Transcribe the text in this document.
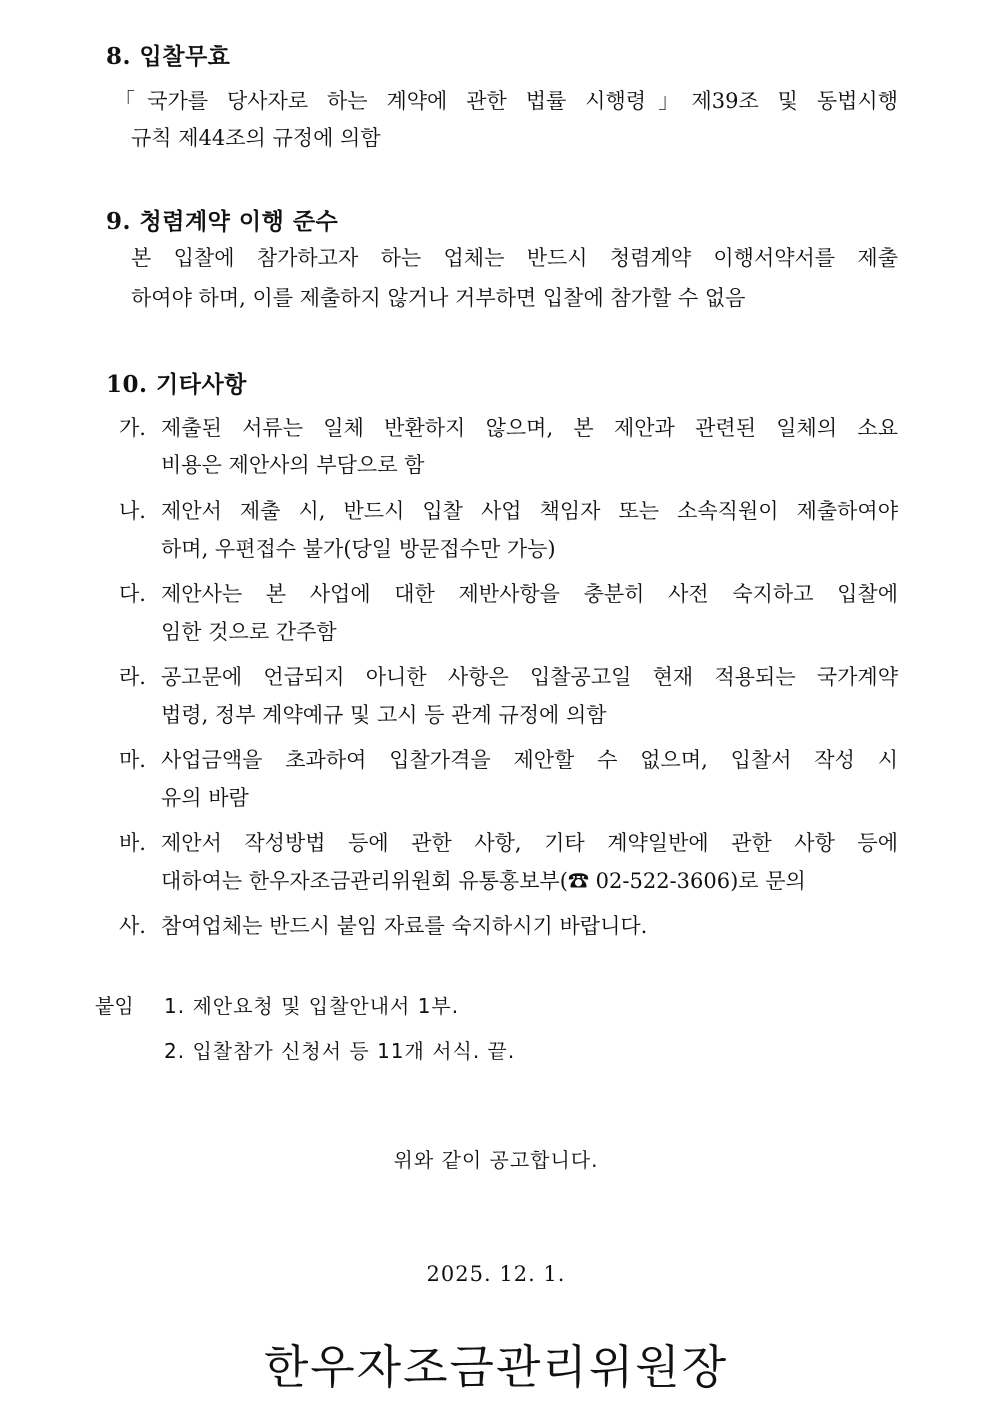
8. 입찰무효
「국가를 당사자로 하는 계약에 관한 법률 시행령」제39조 및 동법시행
규칙 제44조의 규정에 의함
9. 청렴계약 이행 준수
본 입찰에 참가하고자 하는 업체는 반드시 청렴계약 이행서약서를 제출
하여야 하며, 이를 제출하지 않거나 거부하면 입찰에 참가할 수 없음
10. 기타사항
가. 제출된 서류는 일체 반환하지 않으며, 본 제안과 관련된 일체의 소요
비용은 제안사의 부담으로 함
나. 제안서 제출 시, 반드시 입찰 사업 책임자 또는 소속직원이 제출하여야
하며, 우편접수 불가(당일 방문접수만 가능)
다. 제안사는 본 사업에 대한 제반사항을 충분히 사전 숙지하고 입찰에
임한 것으로 간주함
라. 공고문에 언급되지 아니한 사항은 입찰공고일 현재 적용되는 국가계약
법령, 정부 계약예규 및 고시 등 관계 규정에 의함
마. 사업금액을 초과하여 입찰가격을 제안할 수 없으며, 입찰서 작성 시
유의 바람
바. 제안서 작성방법 등에 관한 사항, 기타 계약일반에 관한 사항 등에
대하여는 한우자조금관리위원회 유통홍보부(☎ 02-522-3606)로 문의
사. 참여업체는 반드시 붙임 자료를 숙지하시기 바랍니다.
붙임 1. 제안요청 및 입찰안내서 1부.
2. 입찰참가 신청서 등 11개 서식. 끝.
위와 같이 공고합니다.
2025. 12. 1.
한우자조금관리위원장
